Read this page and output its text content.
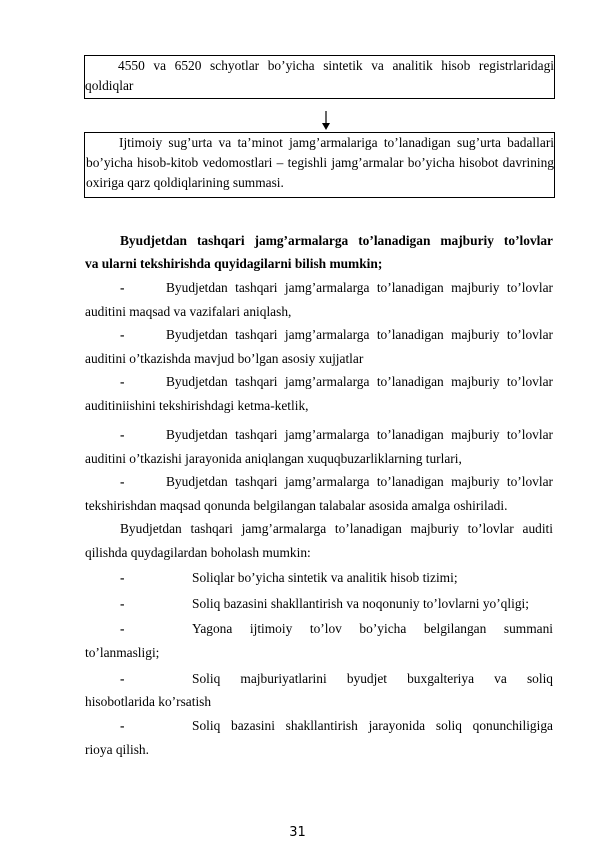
4550 va 6520 schyotlar bo’yicha sintetik va analitik hisob registrlaridagi qoldiqlar

Ijtimoiy sug’urta va ta’minot jamg’armalariga to’lanadigan sug’urta badallari bo’yicha hisob-kitob vedomostlari – tegishli jamg’armalar bo’yicha hisobot davrining oxiriga qarz qoldiqlarining summasi.

Byudjetdan tashqari jamg’armalarga to’lanadigan majburiy to’lovlar
va ularni tekshirishda quyidagilarni bilish mumkin;
-	Byudjetdan tashqari jamg’armalarga to’lanadigan majburiy to’lovlar
auditini maqsad va vazifalari aniqlash,
-	Byudjetdan tashqari jamg’armalarga to’lanadigan majburiy to’lovlar
auditini o’tkazishda mavjud bo’lgan asosiy xujjatlar
-	Byudjetdan tashqari jamg’armalarga to’lanadigan majburiy to’lovlar
auditiniishini tekshirishdagi ketma-ketlik,
-	Byudjetdan tashqari jamg’armalarga to’lanadigan majburiy to’lovlar
auditini o’tkazishi jarayonida aniqlangan xuquqbuzarliklarning turlari,
-	Byudjetdan tashqari jamg’armalarga to’lanadigan majburiy to’lovlar
tekshirishdan maqsad qonunda belgilangan talabalar asosida amalga oshiriladi.
Byudjetdan tashqari jamg’armalarga to’lanadigan majburiy to’lovlar auditi
qilishda quydagilardan boholash mumkin:
-	Soliqlar bo’yicha sintetik va analitik hisob tizimi;
-	Soliq bazasini shakllantirish va noqonuniy to’lovlarni yo’qligi;
-	Yagona ijtimoiy to’lov bo’yicha belgilangan summani
to’lanmasligi;
-	Soliq majburiyatlarini byudjet buxgalteriya va soliq
hisobotlarida ko’rsatish
-	Soliq bazasini shakllantirish jarayonida soliq qonunchiligiga
rioya qilish.
31
